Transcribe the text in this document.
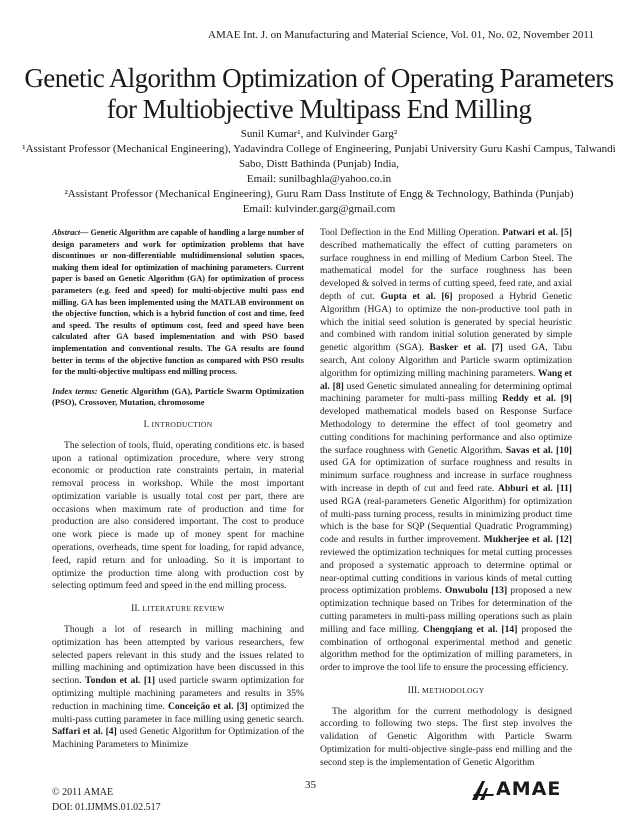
AMAE Int. J. on Manufacturing and Material Science, Vol. 01, No. 02, November 2011
Genetic Algorithm Optimization of Operating Parameters for Multiobjective Multipass End Milling

Sunil Kumar¹, and Kulvinder Garg²

¹Assistant Professor (Mechanical Engineering), Yadavindra College of Engineering, Punjabi University Guru Kashi Campus, Talwandi Sabo, Distt Bathinda (Punjab) India,

Email: sunilbaghla@yahoo.co.in

²Assistant Professor (Mechanical Engineering), Guru Ram Dass Institute of Engg & Technology, Bathinda (Punjab)

Email: kulvinder.garg@gmail.com

Abstract— Genetic Algorithm are capable of handling a large number of design parameters and work for optimization problems that have discontinues or non-differentiable multidimensional solution spaces, making them ideal for optimization of machining parameters. Current paper is based on Genetic Algorithm (GA) for optimization of process parameters (e.g. feed and speed) for multi-objective multi pass end milling. GA has been implemented using the MATLAB environment on the objective function, which is a hybrid function of cost and time, feed and speed. The results of optimum cost, feed and speed have been calculated after GA based implementation and with PSO based implementation and conventional results. The GA results are found better in terms of the objective function as compared with PSO results for the multi-objective multipass end milling process.

Index terms: Genetic Algorithm (GA), Particle Swarm Optimization (PSO), Crossover, Mutation, chromosome

I. INTRODUCTION

The selection of tools, fluid, operating conditions etc. is based upon a rational optimization procedure, where very strong economic or production rate constraints pertain, in material removal process in workshop. While the most important optimization variable is usually total cost per part, there are occasions when maximum rate of production and time for production are also considered important. The cost to produce one work piece is made up of money spent for machine operations, overheads, time spent for loading, for rapid advance, feed, rapid return and for unloading. So it is important to optimize the production time along with production cost by selecting optimum feed and speed in the end milling process.

II. LITERATURE REVIEW

Though a lot of research in milling machining and optimization has been attempted by various researchers, few selected papers relevant in this study and the issues related to milling machining and optimization have been discussed in this section. Tondon et al. [1] used particle swarm optimization for optimizing multiple machining parameters and results in 35% reduction in machining time. Conceição et al. [3] optimized the multi-pass cutting parameter in face milling using genetic search. Saffari et al. [4] used Genetic Algorithm for Optimization of the Machining Parameters to Minimize

Tool Deflection in the End Milling Operation. Patwari et al. [5] described mathematically the effect of cutting parameters on surface roughness in end milling of Medium Carbon Steel. The mathematical model for the surface roughness has been developed & solved in terms of cutting speed, feed rate, and axial depth of cut. Gupta et al. [6] proposed a Hybrid Genetic Algorithm (HGA) to optimize the non-productive tool path in which the initial seed solution is generated by special heuristic and combined with random initial solution generated by simple genetic algorithm (SGA). Basker et al. [7] used GA, Tabu search, Ant colony Algorithm and Particle swarm optimization algorithm for optimizing milling machining parameters. Wang et al. [8] used Genetic simulated annealing for determining optimal machining parameter for multi-pass milling Reddy et al. [9] developed mathematical models based on Response Surface Methodology to determine the effect of tool geometry and cutting conditions for machining performance and also optimize the surface roughness with Genetic Algorithm. Savas et al. [10] used GA for optimization of surface roughness and results in minimum surface roughness and increase in surface roughness with increase in depth of cut and feed rate. Abburi et al. [11] used RGA (real-parameters Genetic Algorithm) for optimization of multi-pass turning process, results in minimizing product time which is the base for SQP (Sequential Quadratic Programming) code and results in further improvement. Mukherjee et al. [12] reviewed the optimization techniques for metal cutting processes and proposed a systematic approach to determine optimal or near-optimal cutting conditions in various kinds of metal cutting process optimization problems. Onwubolu [13] proposed a new optimization technique based on Tribes for determination of the cutting parameters in multi-pass milling operations such as plain milling and face milling. Chengqiang et al. [14] proposed the combination of orthogonal experimental method and genetic algorithm method for the optimization of milling parameters, in order to improve the tool life to ensure the processing efficiency.

III. METHODOLOGY

The algorithm for the current methodology is designed according to following two steps. The first step involves the validation of Genetic Algorithm with Particle Swarm Optimization for multi-objective single-pass end milling and the second step is the implementation of Genetic Algorithm

35

© 2011 AMAE

DOI: 01.IJMMS.01.02.517

AMAE
